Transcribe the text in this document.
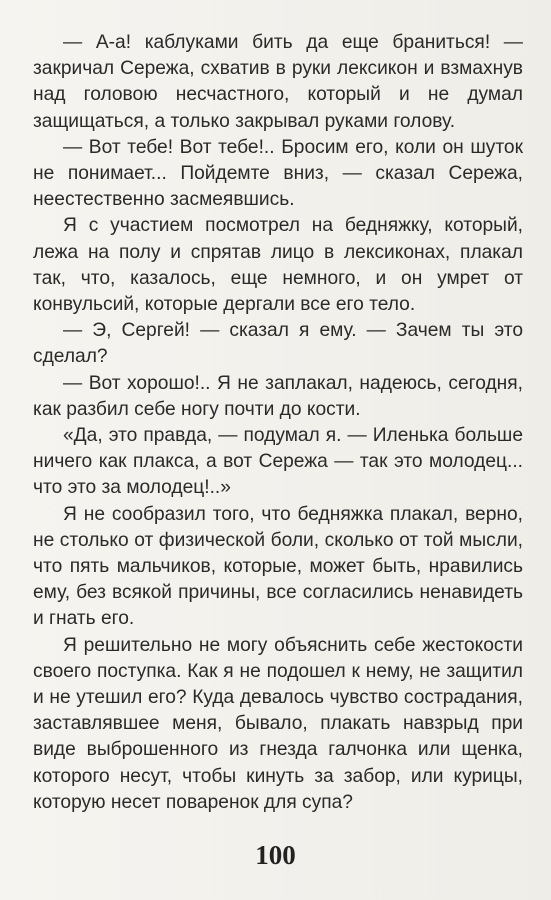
— А-а! каблуками бить да еще браниться! — закричал Сережа, схватив в руки лексикон и взмахнув над головою несчастного, который и не думал защищаться, а только закрывал руками голову.

— Вот тебе! Вот тебе!.. Бросим его, коли он шуток не понимает... Пойдемте вниз, — сказал Сережа, неестественно засмеявшись.

Я с участием посмотрел на бедняжку, который, лежа на полу и спрятав лицо в лексиконах, плакал так, что, казалось, еще немного, и он умрет от конвульсий, которые дергали все его тело.

— Э, Сергей! — сказал я ему. — Зачем ты это сделал?

— Вот хорошо!.. Я не заплакал, надеюсь, сегодня, как разбил себе ногу почти до кости.

«Да, это правда, — подумал я. — Иленька больше ничего как плакса, а вот Сережа — так это молодец... что это за молодец!..»

Я не сообразил того, что бедняжка плакал, верно, не столько от физической боли, сколько от той мысли, что пять мальчиков, которые, может быть, нравились ему, без всякой причины, все согласились ненавидеть и гнать его.

Я решительно не могу объяснить себе жестокости своего поступка. Как я не подошел к нему, не защитил и не утешил его? Куда девалось чувство сострадания, заставлявшее меня, бывало, плакать навзрыд при виде выброшенного из гнезда галчонка или щенка, которого несут, чтобы кинуть за забор, или курицы, которую несет поваренок для супа?

100
